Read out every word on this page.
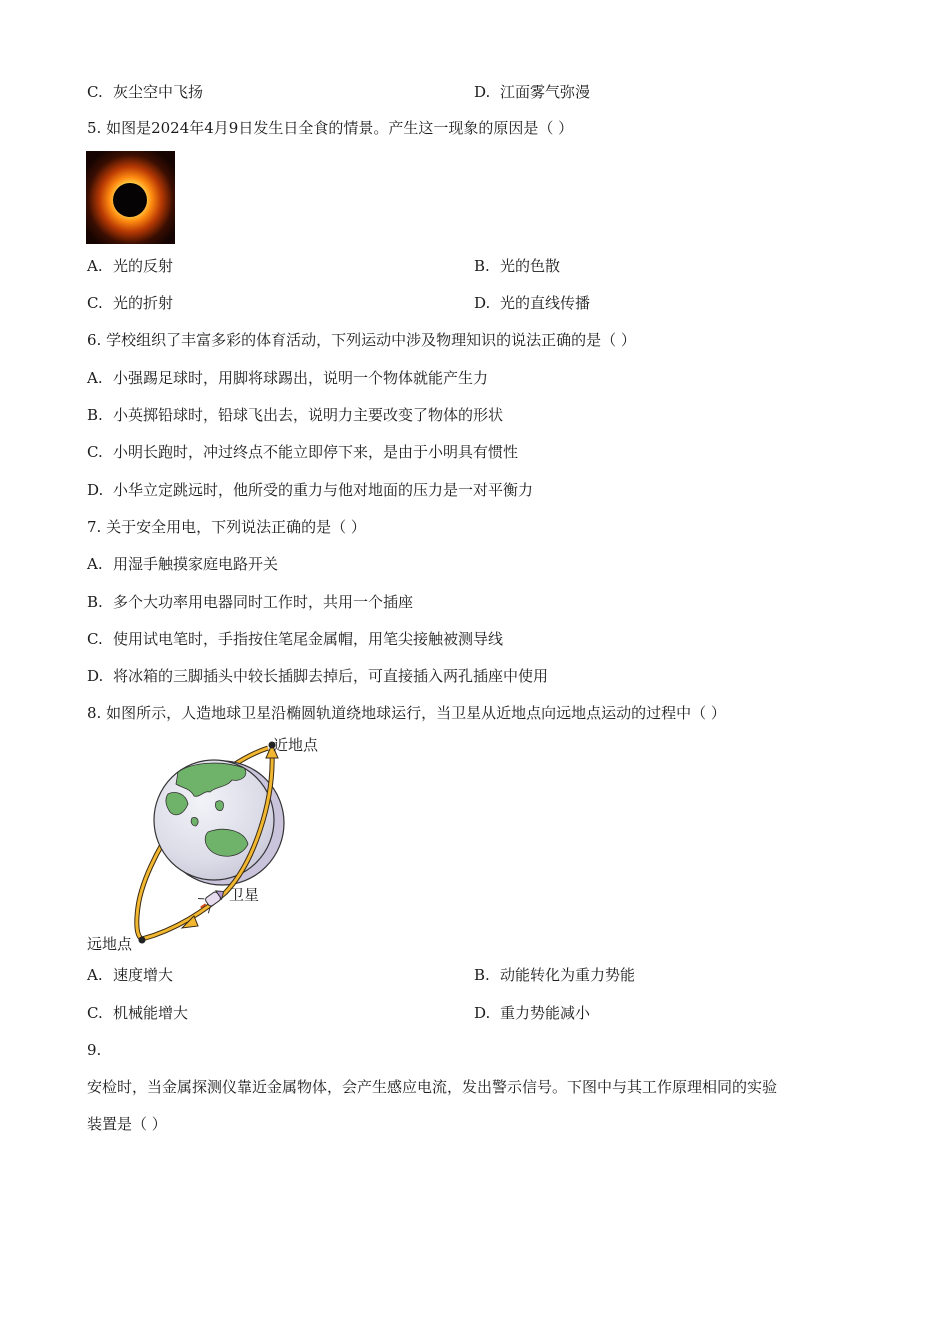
C. 灰尘空中飞扬	D. 江面雾气弥漫
5. 如图是2024年4月9日发生日全食的情景。产生这一现象的原因是（ ）
A. 光的反射	B. 光的色散
C. 光的折射	D. 光的直线传播
6. 学校组织了丰富多彩的体育活动，下列运动中涉及物理知识的说法正确的是（ ）
A. 小强踢足球时，用脚将球踢出，说明一个物体就能产生力
B. 小英掷铅球时，铅球飞出去，说明力主要改变了物体的形状
C. 小明长跑时，冲过终点不能立即停下来，是由于小明具有惯性
D. 小华立定跳远时，他所受的重力与他对地面的压力是一对平衡力
7. 关于安全用电，下列说法正确的是（ ）
A. 用湿手触摸家庭电路开关
B. 多个大功率用电器同时工作时，共用一个插座
C. 使用试电笔时，手指按住笔尾金属帽，用笔尖接触被测导线
D. 将冰箱的三脚插头中较长插脚去掉后，可直接插入两孔插座中使用
8. 如图所示，人造地球卫星沿椭圆轨道绕地球运行，当卫星从近地点向远地点运动的过程中（ ）
近地点
卫星
远地点
A. 速度增大	B. 动能转化为重力势能
C. 机械能增大	D. 重力势能减小
9.
安检时，当金属探测仪靠近金属物体，会产生感应电流，发出警示信号。下图中与其工作原理相同的实验
装置是（ ）
